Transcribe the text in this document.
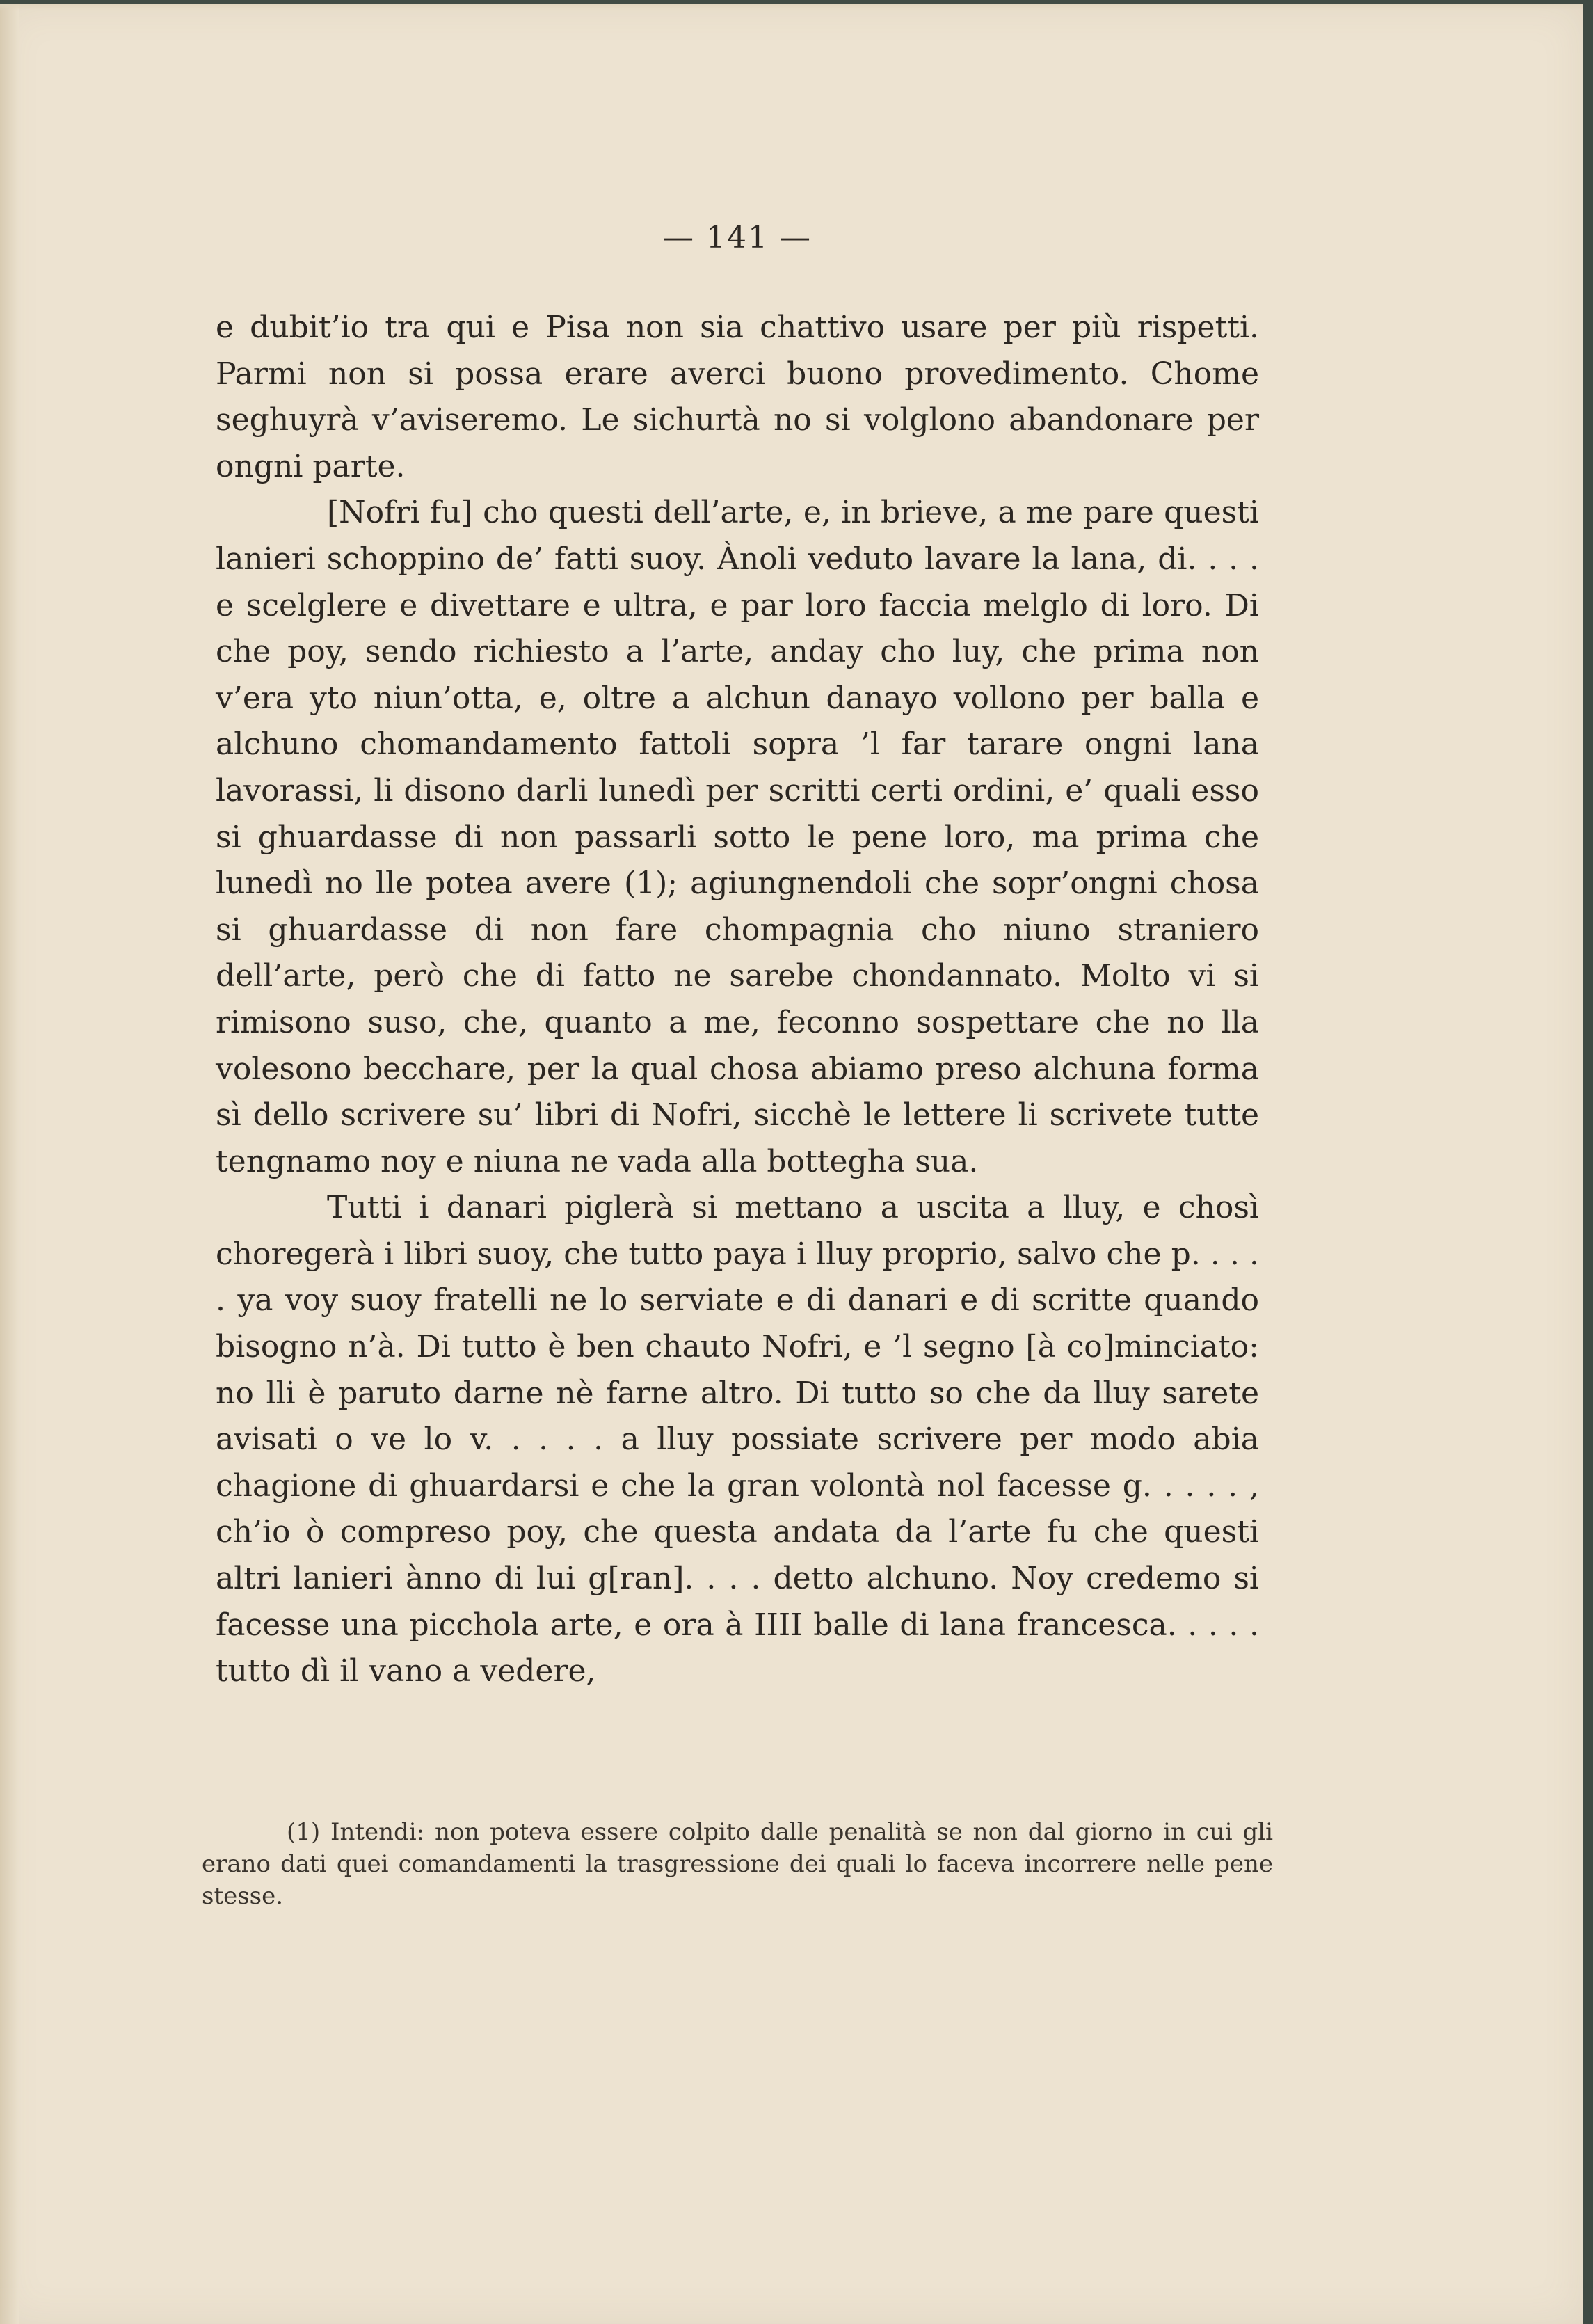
— 141 —

e dubit’io tra qui e Pisa non sia chattivo usare per più rispetti. Parmi non si possa erare averci buono provedimento. Chome seghuyrà v’aviseremo. Le sichurtà no si volglono abandonare per ongni parte.

[Nofri fu] cho questi dell’arte, e, in brieve, a me pare questi lanieri schoppino de’ fatti suoy. Ànoli veduto lavare la lana, di. . . . e scelglere e divettare e ultra, e par loro faccia melglo di loro. Di che poy, sendo richiesto a l’arte, anday cho luy, che prima non v’era yto niun’otta, e, oltre a alchun danayo vollono per balla e alchuno chomandamento fattoli sopra ’l far tarare ongni lana lavorassi, li disono darli lunedì per scritti certi ordini, e’ quali esso si ghuardasse di non passarli sotto le pene loro, ma prima che lunedì no lle potea avere (1); agiungnendoli che sopr’ongni chosa si ghuardasse di non fare chompagnia cho niuno straniero dell’arte, però che di fatto ne sarebe chondannato. Molto vi si rimisono suso, che, quanto a me, feconno sospettare che no lla volesono becchare, per la qual chosa abiamo preso alchuna forma sì dello scrivere su’ libri di Nofri, sicchè le lettere li scrivete tutte tengnamo noy e niuna ne vada alla bottegha sua.

Tutti i danari piglerà si mettano a uscita a lluy, e chosì choregerà i libri suoy, che tutto paya i lluy proprio, salvo che p. . . . . ya voy suoy fratelli ne lo serviate e di danari e di scritte quando bisogno n’à. Di tutto è ben chauto Nofri, e ’l segno [à co]minciato: no lli è paruto darne nè farne altro. Di tutto so che da lluy sarete avisati o ve lo v. . . . . a lluy possiate scrivere per modo abia chagione di ghuardarsi e che la gran volontà nol facesse g. . . . . , ch’io ò compreso poy, che questa andata da l’arte fu che questi altri lanieri ànno di lui g[ran]. . . . detto alchuno. Noy credemo si facesse una picchola arte, e ora à IIII balle di lana francesca. . . . . tutto dì il vano a vedere,

(1) Intendi: non poteva essere colpito dalle penalità se non dal giorno in cui gli erano dati quei comandamenti la trasgressione dei quali lo faceva incorrere nelle pene stesse.
